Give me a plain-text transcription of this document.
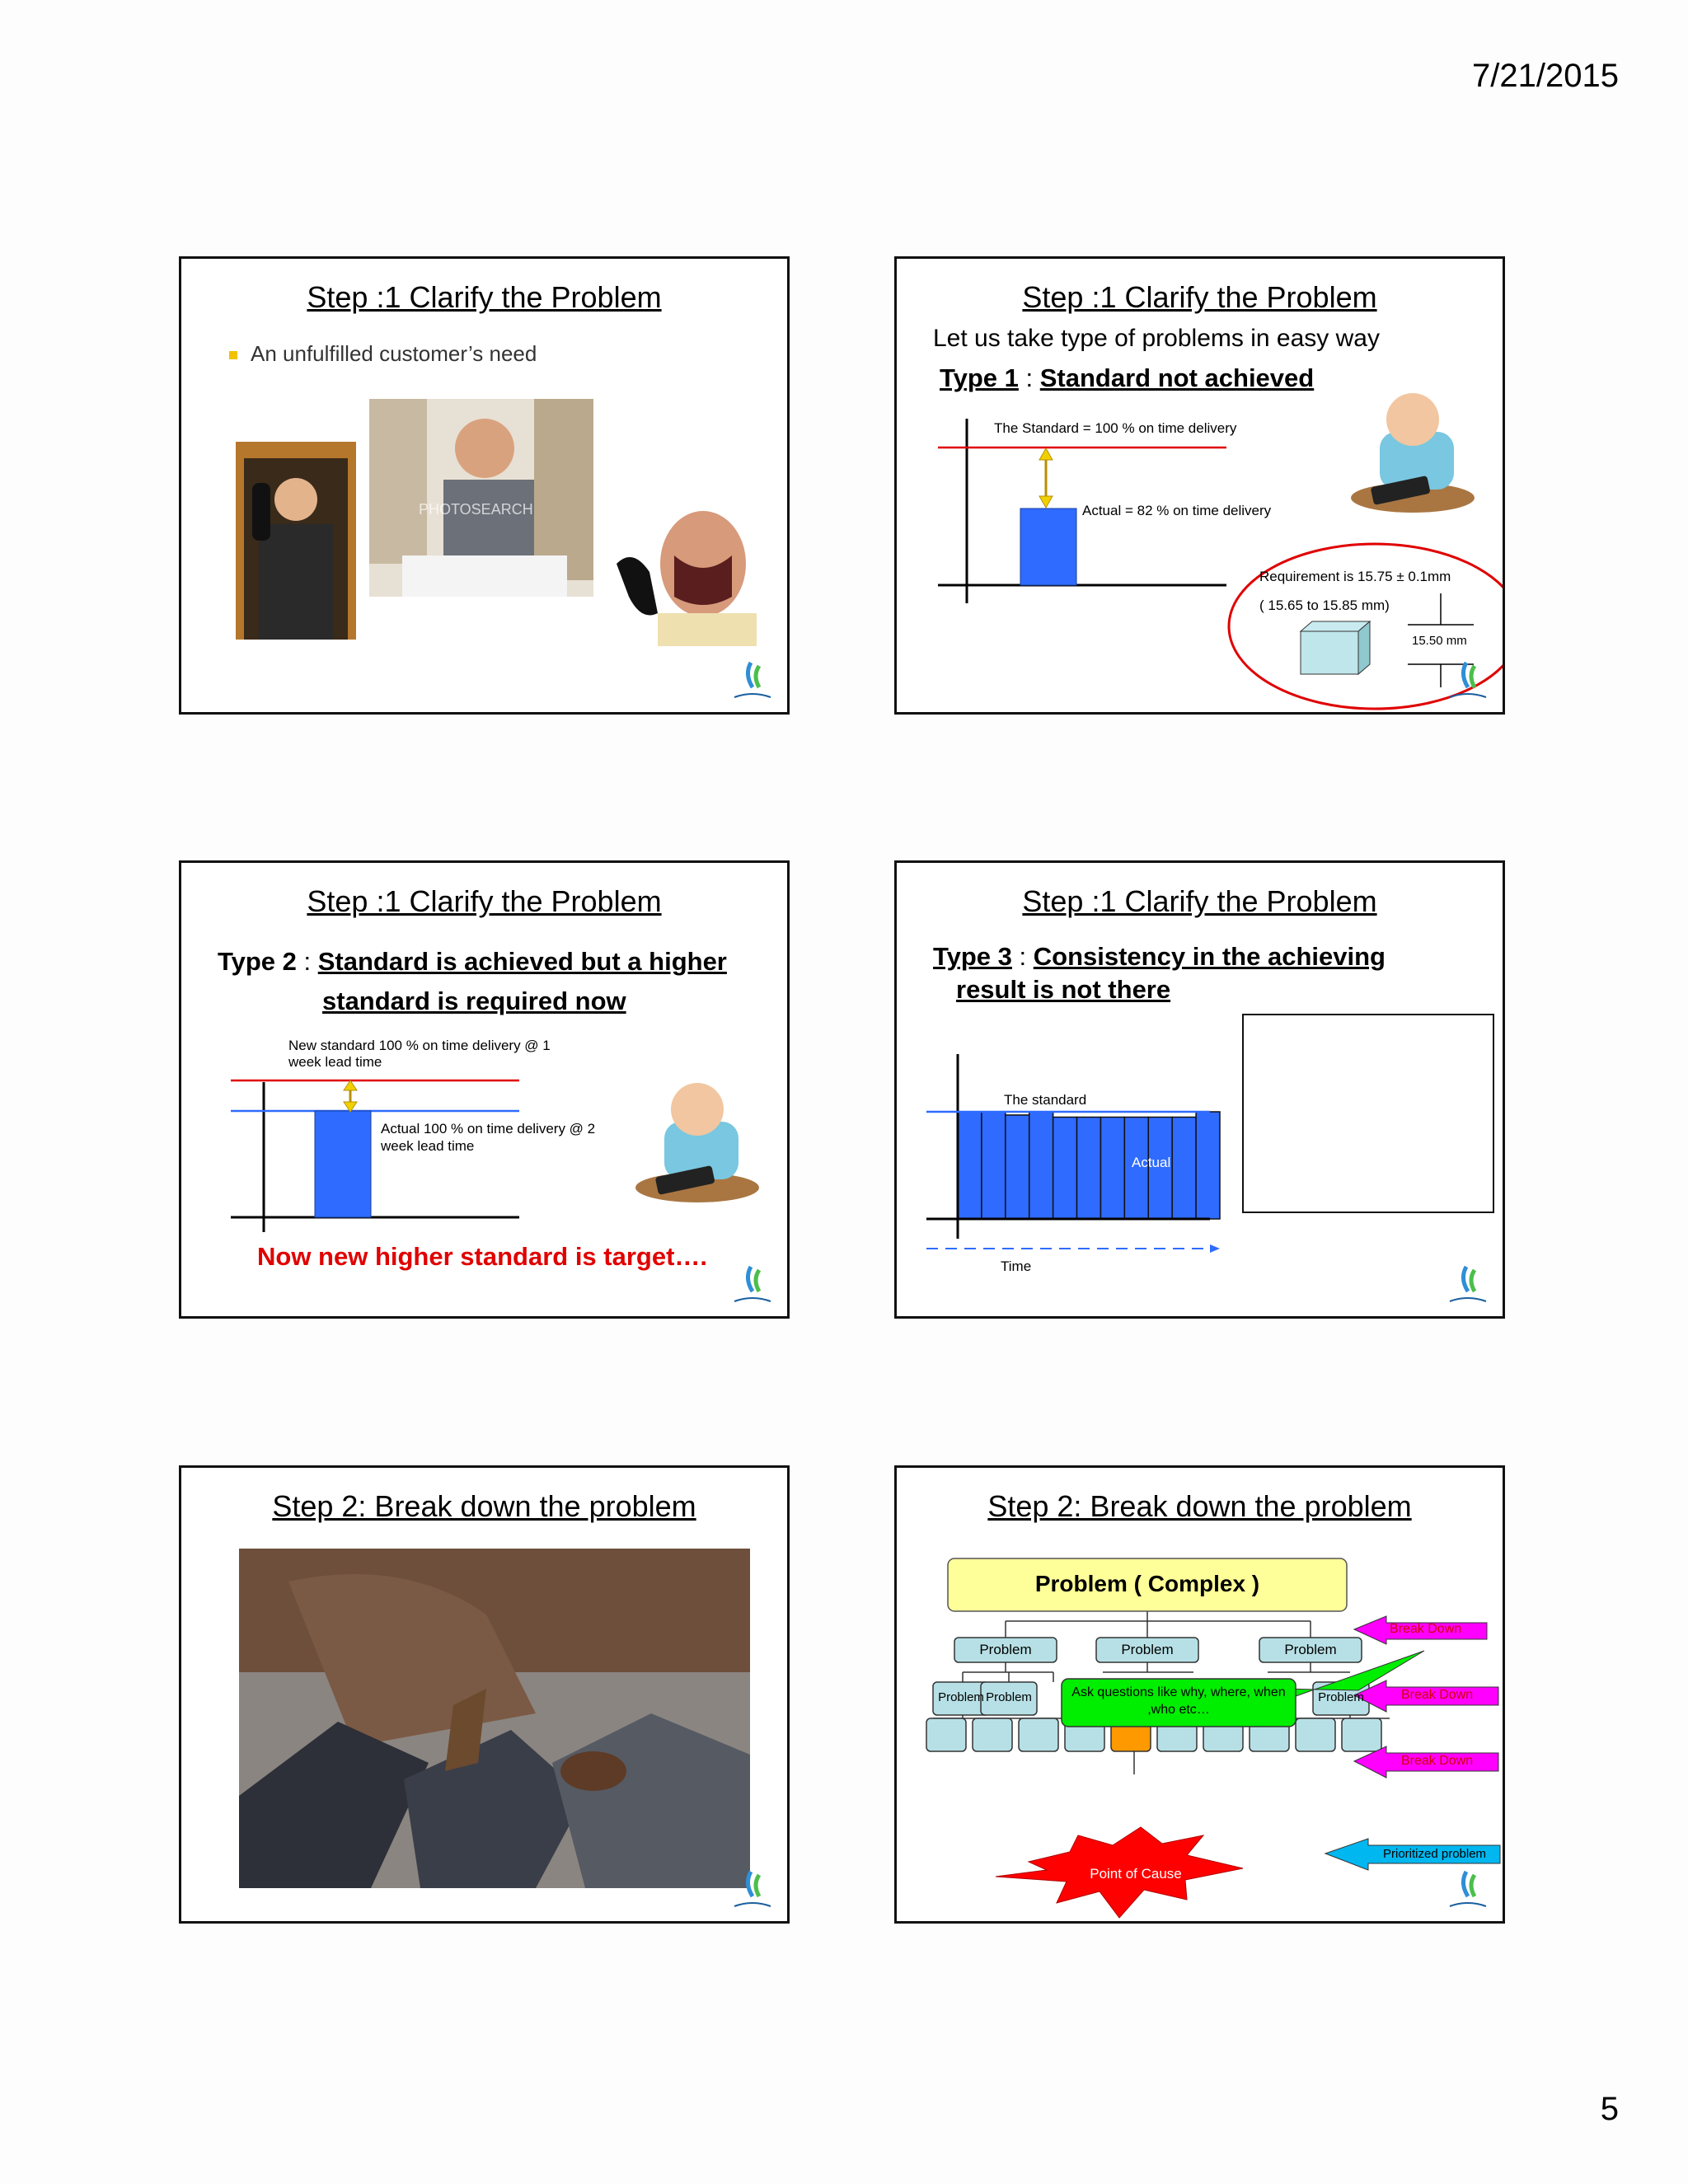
7/21/2015
Step :1 Clarify the Problem
An unfulfilled customer’s need
PHOTOSEARCH
Step :1 Clarify the Problem
Let us take type of problems in easy way
Type 1 : Standard not achieved
The Standard = 100 % on time delivery
Actual = 82 % on time delivery
Requirement is 15.75 ± 0.1mm
( 15.65 to 15.85 mm)
15.50 mm
Step :1 Clarify the Problem
Type 2 : Standard is achieved but a higher
standard is required now
New standard 100 % on time delivery @ 1 week lead time
Actual 100 % on time delivery @ 2 week lead time
Now new higher standard is target….
Step :1 Clarify the Problem
Type 3 : Consistency in the achieving
result is not there
The standard
Actual
Time
Step 2: Break down the problem	Step 2: Break down the problem
Problem ( Complex )
Problem	Problem	Problem
Problem Problem	Problem
Ask questions like why, where, when ,who etc…
Break Down
Break Down
Break Down
Prioritized problem
Point of Cause
5
